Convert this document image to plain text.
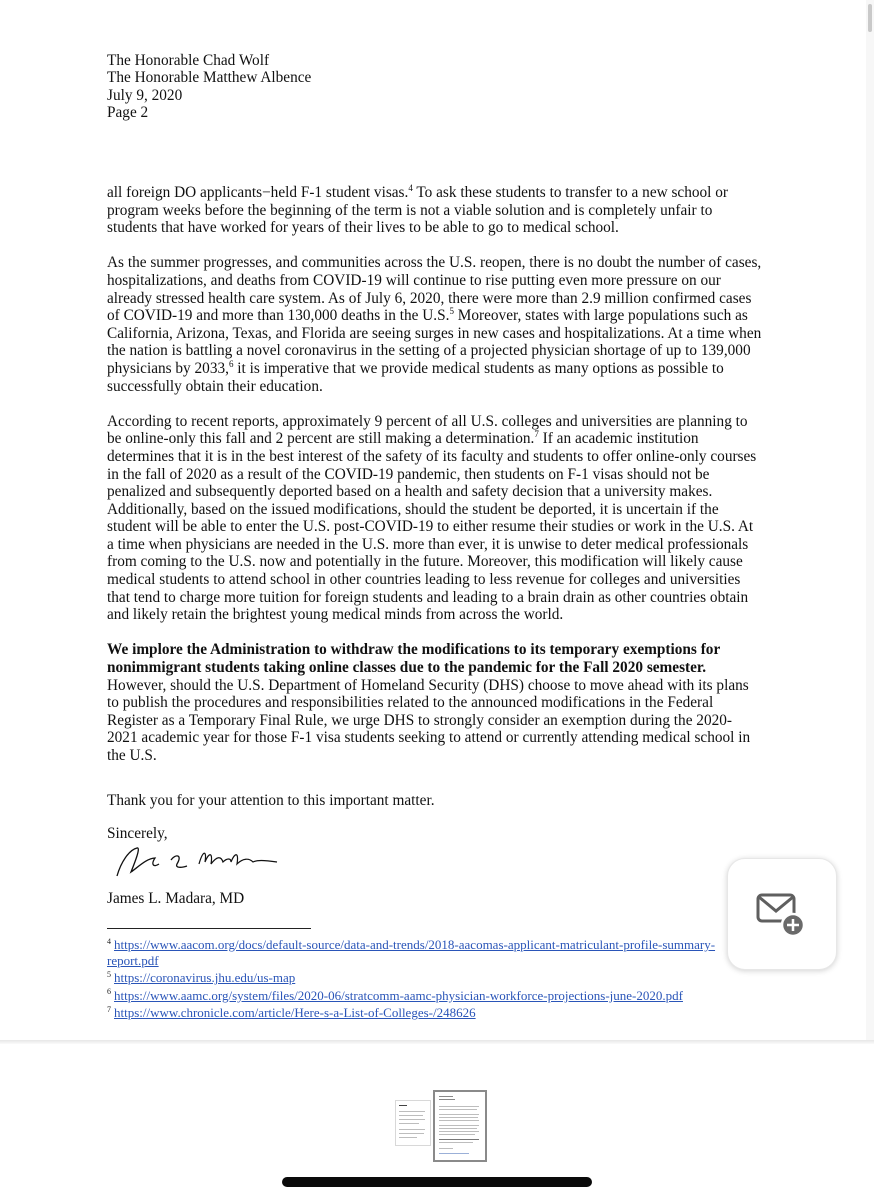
The Honorable Chad Wolf
The Honorable Matthew Albence
July 9, 2020
Page 2

all foreign DO applicants−held F-1 student visas.$^4$ To ask these students to transfer to a new school or program weeks before the beginning of the term is not a viable solution and is completely unfair to students that have worked for years of their lives to be able to go to medical school.

As the summer progresses, and communities across the U.S. reopen, there is no doubt the number of cases, hospitalizations, and deaths from COVID-19 will continue to rise putting even more pressure on our already stressed health care system. As of July 6, 2020, there were more than 2.9 million confirmed cases of COVID-19 and more than 130,000 deaths in the U.S.$^5$ Moreover, states with large populations such as California, Arizona, Texas, and Florida are seeing surges in new cases and hospitalizations. At a time when the nation is battling a novel coronavirus in the setting of a projected physician shortage of up to 139,000 physicians by 2033,$^6$ it is imperative that we provide medical students as many options as possible to successfully obtain their education.

According to recent reports, approximately 9 percent of all U.S. colleges and universities are planning to be online-only this fall and 2 percent are still making a determination.$^7$ If an academic institution determines that it is in the best interest of the safety of its faculty and students to offer online-only courses in the fall of 2020 as a result of the COVID-19 pandemic, then students on F-1 visas should not be penalized and subsequently deported based on a health and safety decision that a university makes. Additionally, based on the issued modifications, should the student be deported, it is uncertain if the student will be able to enter the U.S. post-COVID-19 to either resume their studies or work in the U.S. At a time when physicians are needed in the U.S. more than ever, it is unwise to deter medical professionals from coming to the U.S. now and potentially in the future. Moreover, this modification will likely cause medical students to attend school in other countries leading to less revenue for colleges and universities that tend to charge more tuition for foreign students and leading to a brain drain as other countries obtain and likely retain the brightest young medical minds from across the world.

We implore the Administration to withdraw the modifications to its temporary exemptions for nonimmigrant students taking online classes due to the pandemic for the Fall 2020 semester. However, should the U.S. Department of Homeland Security (DHS) choose to move ahead with its plans to publish the procedures and responsibilities related to the announced modifications in the Federal Register as a Temporary Final Rule, we urge DHS to strongly consider an exemption during the 2020-2021 academic year for those F-1 visa students seeking to attend or currently attending medical school in the U.S.

Thank you for your attention to this important matter.
Sincerely,
James L. Madara, MD
$^4$ https://www.aacom.org/docs/default-source/data-and-trends/2018-aacomas-applicant-matriculant-profile-summary-report.pdf
$^5$ https://coronavirus.jhu.edu/us-map
$^6$ https://www.aamc.org/system/files/2020-06/stratcomm-aamc-physician-workforce-projections-june-2020.pdf
$^7$ https://www.chronicle.com/article/Here-s-a-List-of-Colleges-/248626
